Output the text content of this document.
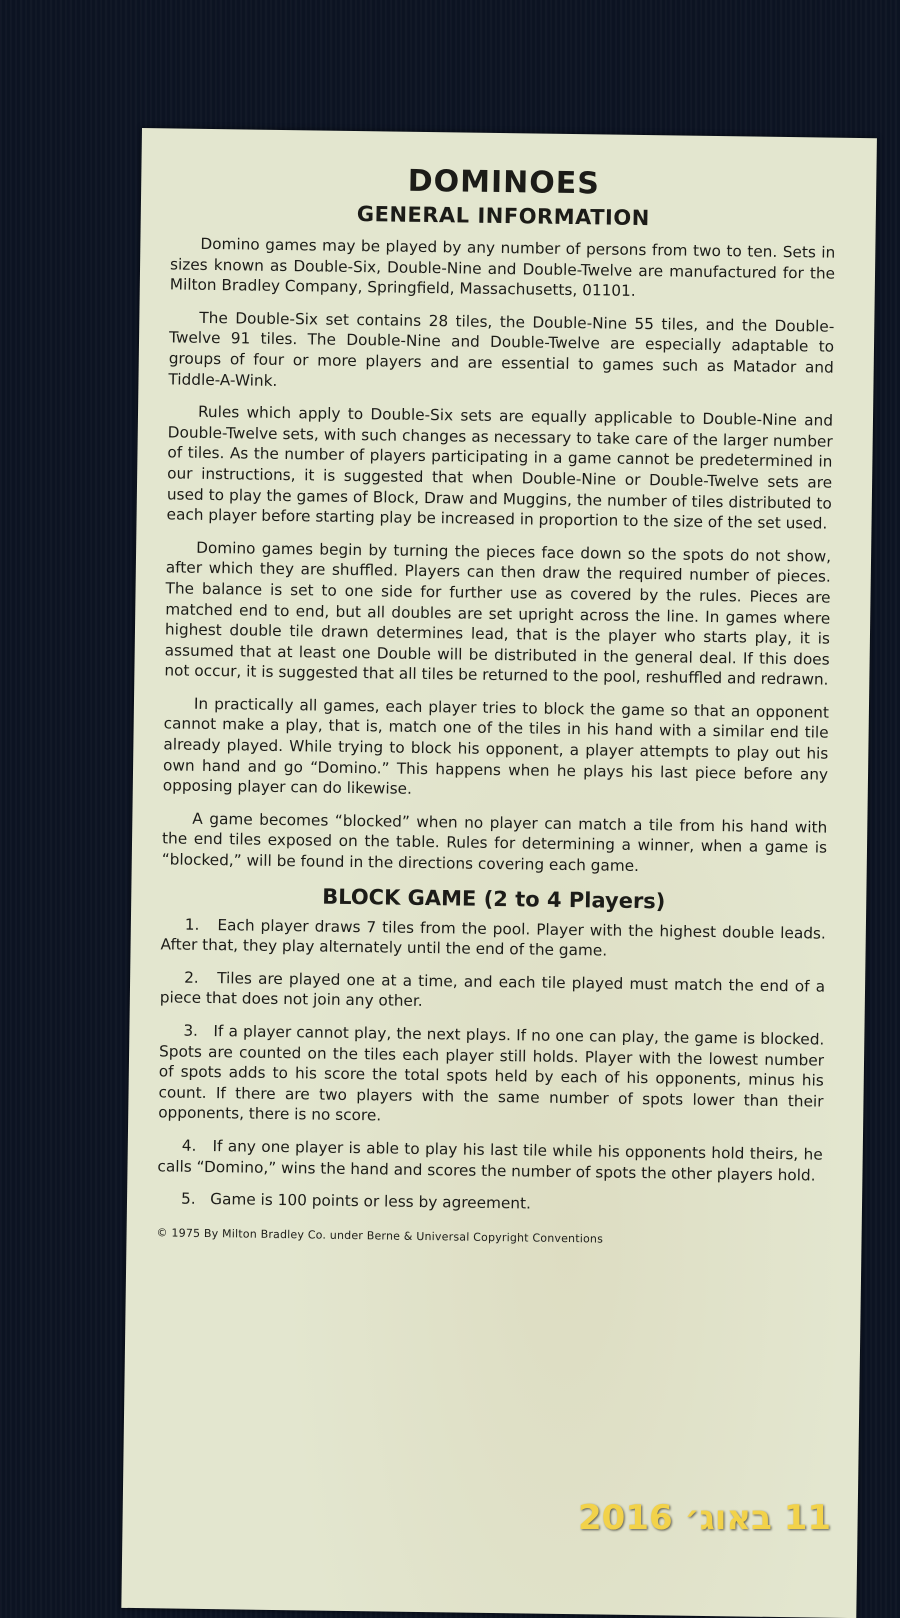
DOMINOES
GENERAL INFORMATION

Domino games may be played by any number of persons from two to ten. Sets in sizes known as Double-Six, Double-Nine and Double-Twelve are manufactured for the Milton Bradley Company, Springfield, Massachusetts, 01101.

The Double-Six set contains 28 tiles, the Double-Nine 55 tiles, and the Double-Twelve 91 tiles. The Double-Nine and Double-Twelve are especially adaptable to groups of four or more players and are essential to games such as Matador and Tiddle-A-Wink.

Rules which apply to Double-Six sets are equally applicable to Double-Nine and Double-Twelve sets, with such changes as necessary to take care of the larger number of tiles. As the number of players participating in a game cannot be predetermined in our instructions, it is suggested that when Double-Nine or Double-Twelve sets are used to play the games of Block, Draw and Muggins, the number of tiles distributed to each player before starting play be increased in proportion to the size of the set used.

Domino games begin by turning the pieces face down so the spots do not show, after which they are shuffled. Players can then draw the required number of pieces. The balance is set to one side for further use as covered by the rules. Pieces are matched end to end, but all doubles are set upright across the line. In games where highest double tile drawn determines lead, that is the player who starts play, it is assumed that at least one Double will be distributed in the general deal. If this does not occur, it is suggested that all tiles be returned to the pool, reshuffled and redrawn.

In practically all games, each player tries to block the game so that an opponent cannot make a play, that is, match one of the tiles in his hand with a similar end tile already played. While trying to block his opponent, a player attempts to play out his own hand and go “Domino.” This happens when he plays his last piece before any opposing player can do likewise.

A game becomes “blocked” when no player can match a tile from his hand with the end tiles exposed on the table. Rules for determining a winner, when a game is “blocked,” will be found in the directions covering each game.

BLOCK GAME (2 to 4 Players)

1.   Each player draws 7 tiles from the pool. Player with the highest double leads. After that, they play alternately until the end of the game.

2.   Tiles are played one at a time, and each tile played must match the end of a piece that does not join any other.

3.   If a player cannot play, the next plays. If no one can play, the game is blocked. Spots are counted on the tiles each player still holds. Player with the lowest number of spots adds to his score the total spots held by each of his opponents, minus his count. If there are two players with the same number of spots lower than their opponents, there is no score.

4.   If any one player is able to play his last tile while his opponents hold theirs, he calls “Domino,” wins the hand and scores the number of spots the other players hold.

5.   Game is 100 points or less by agreement.

© 1975 By Milton Bradley Co. under Berne & Universal Copyright Conventions

11 באוג׳ 2016
